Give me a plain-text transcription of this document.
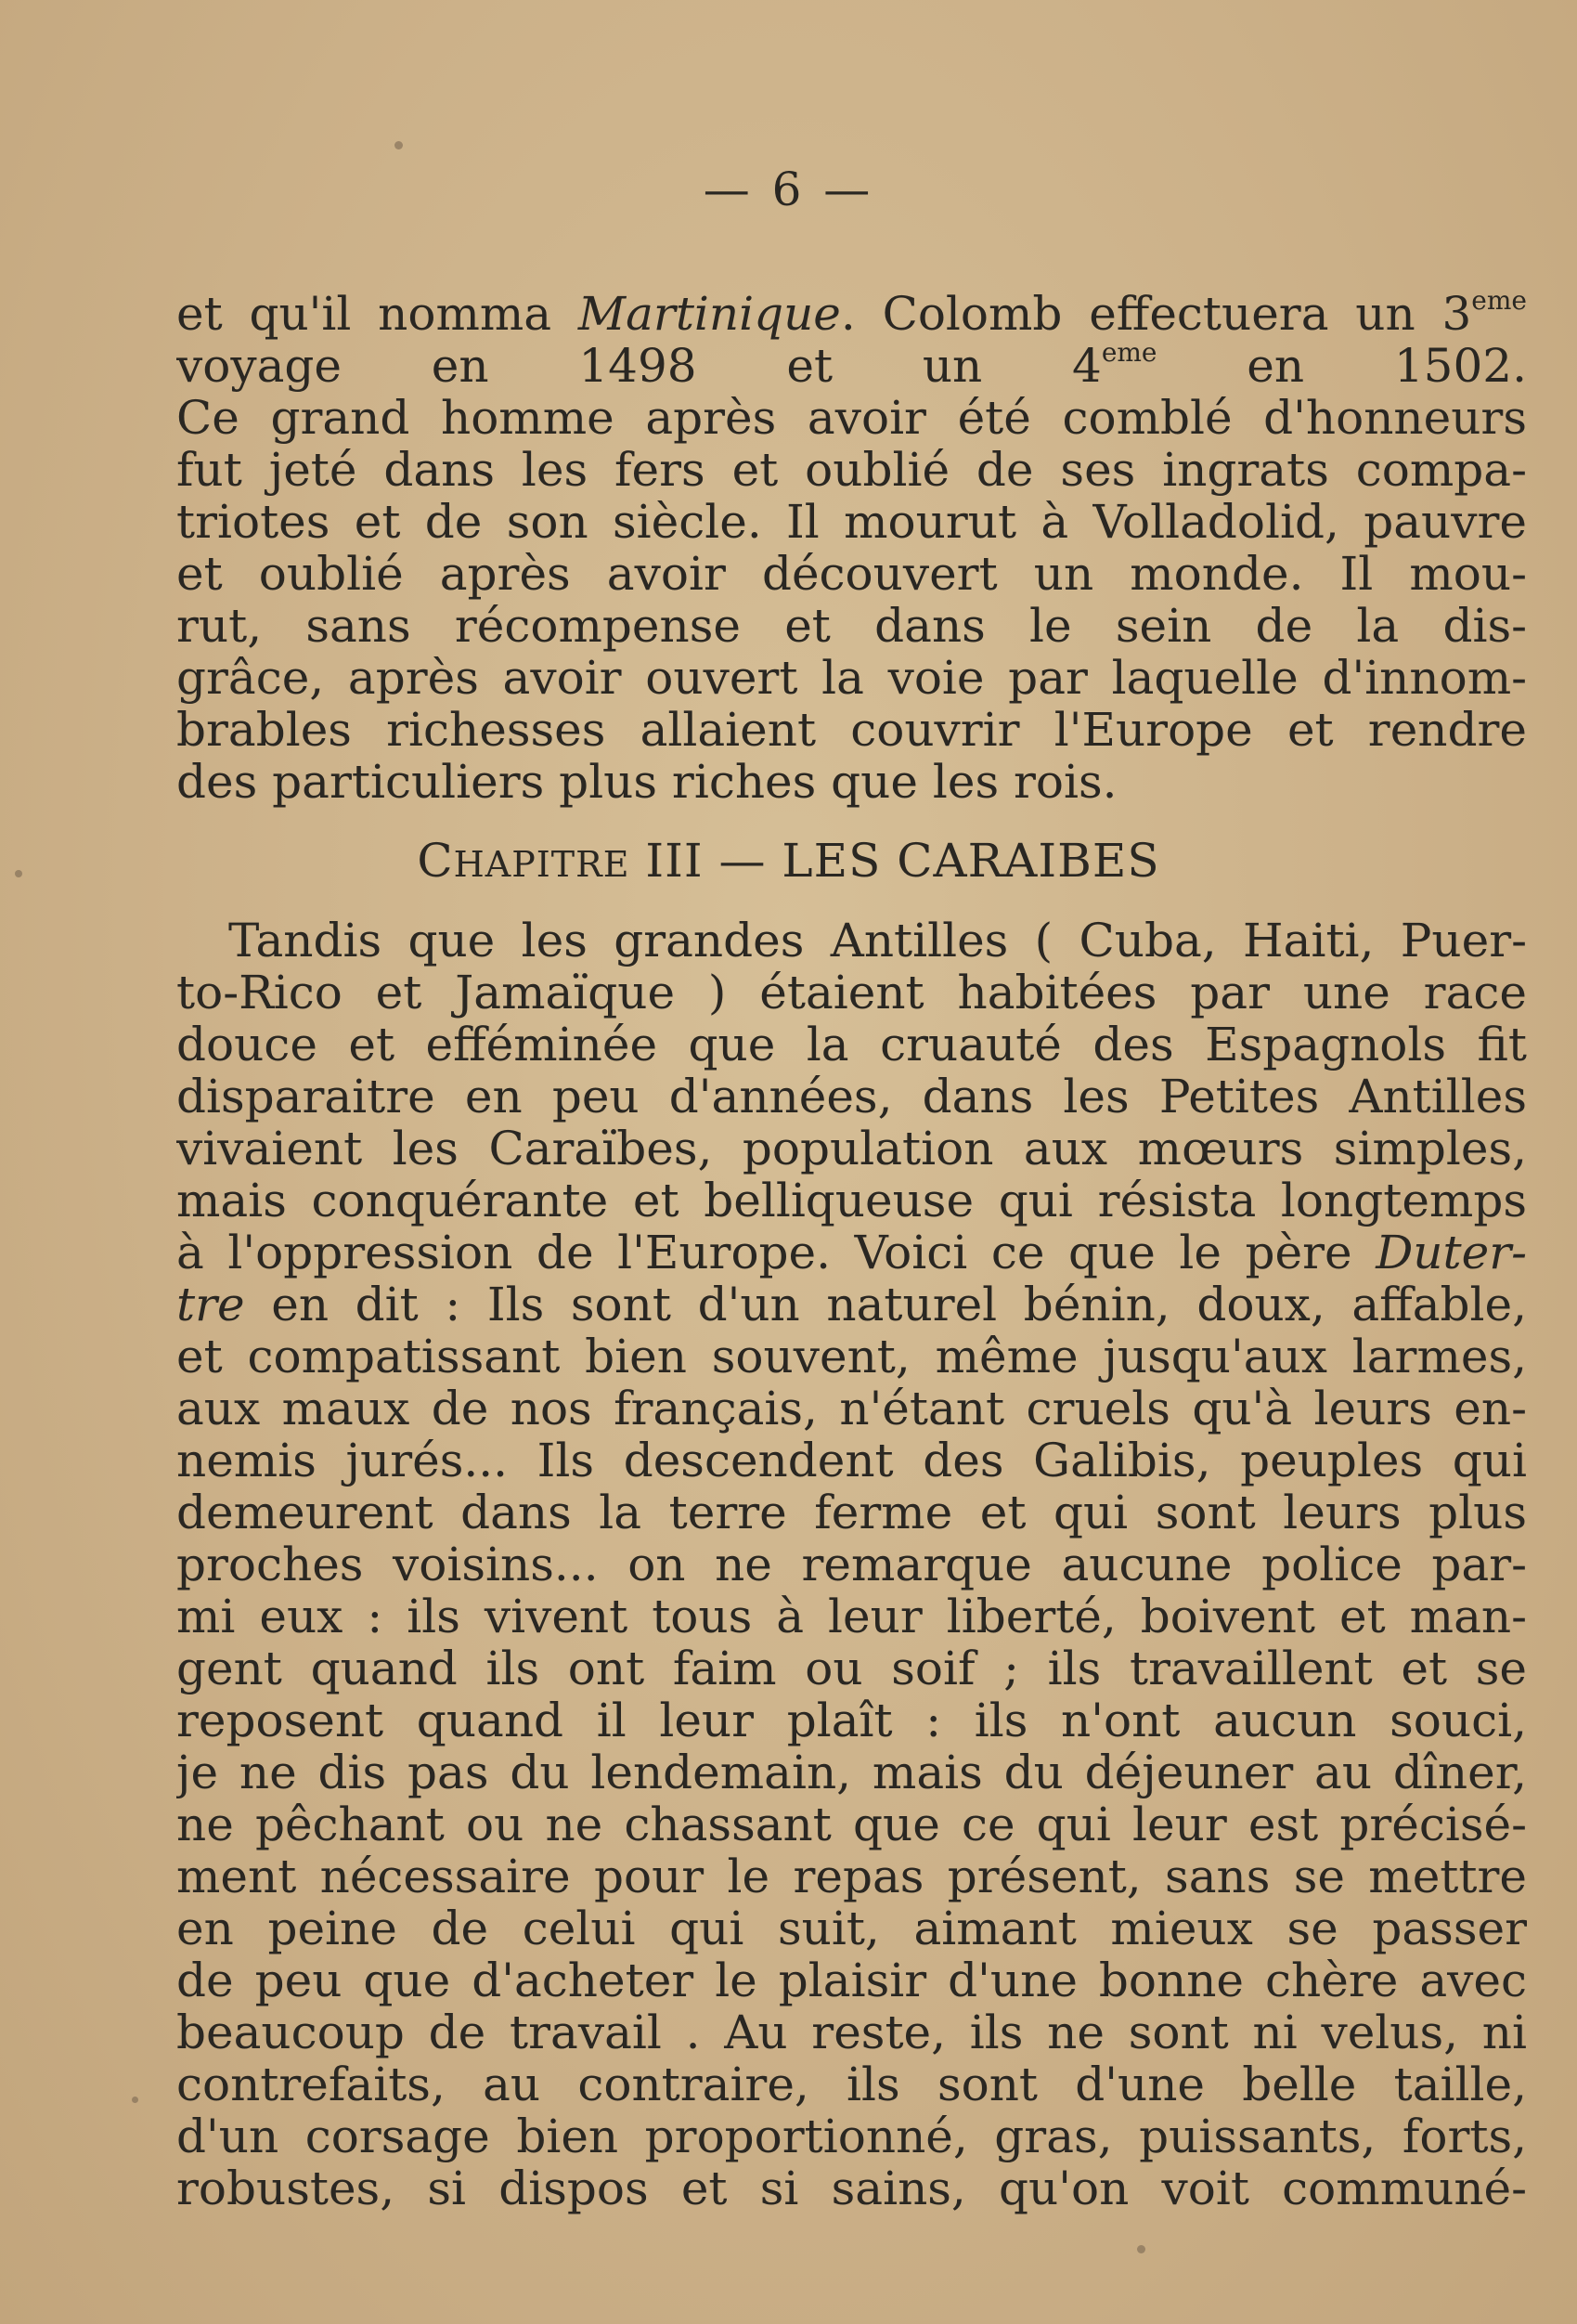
— 6 —
et qu'il nomma Martinique. Colomb effectuera un 3eme
voyage en 1498 et un 4eme en 1502.
Ce grand homme après avoir été comblé d'honneurs
fut jeté dans les fers et oublié de ses ingrats compa-
triotes et de son siècle. Il mourut à Volladolid, pauvre
et oublié après avoir découvert un monde. Il mou-
rut, sans récompense et dans le sein de la dis-
grâce, après avoir ouvert la voie par laquelle d'innom-
brables richesses allaient couvrir l'Europe et rendre
des particuliers plus riches que les rois.
CHAPITRE III — LES CARAIBES
Tandis que les grandes Antilles ( Cuba, Haiti, Puer-
to-Rico et Jamaïque ) étaient habitées par une race
douce et efféminée que la cruauté des Espagnols fit
disparaitre en peu d'années, dans les Petites Antilles
vivaient les Caraïbes, population aux mœurs simples,
mais conquérante et belliqueuse qui résista longtemps
à l'oppression de l'Europe. Voici ce que le père Duter-
tre en dit : Ils sont d'un naturel bénin, doux, affable,
et compatissant bien souvent, même jusqu'aux larmes,
aux maux de nos français, n'étant cruels qu'à leurs en-
nemis jurés... Ils descendent des Galibis, peuples qui
demeurent dans la terre ferme et qui sont leurs plus
proches voisins... on ne remarque aucune police par-
mi eux : ils vivent tous à leur liberté, boivent et man-
gent quand ils ont faim ou soif ; ils travaillent et se
reposent quand il leur plaît : ils n'ont aucun souci,
je ne dis pas du lendemain, mais du déjeuner au dîner,
ne pêchant ou ne chassant que ce qui leur est précisé-
ment nécessaire pour le repas présent, sans se mettre
en peine de celui qui suit, aimant mieux se passer
de peu que d'acheter le plaisir d'une bonne chère avec
beaucoup de travail . Au reste, ils ne sont ni velus, ni
contrefaits, au contraire, ils sont d'une belle taille,
d'un corsage bien proportionné, gras, puissants, forts,
robustes, si dispos et si sains, qu'on voit communé-
